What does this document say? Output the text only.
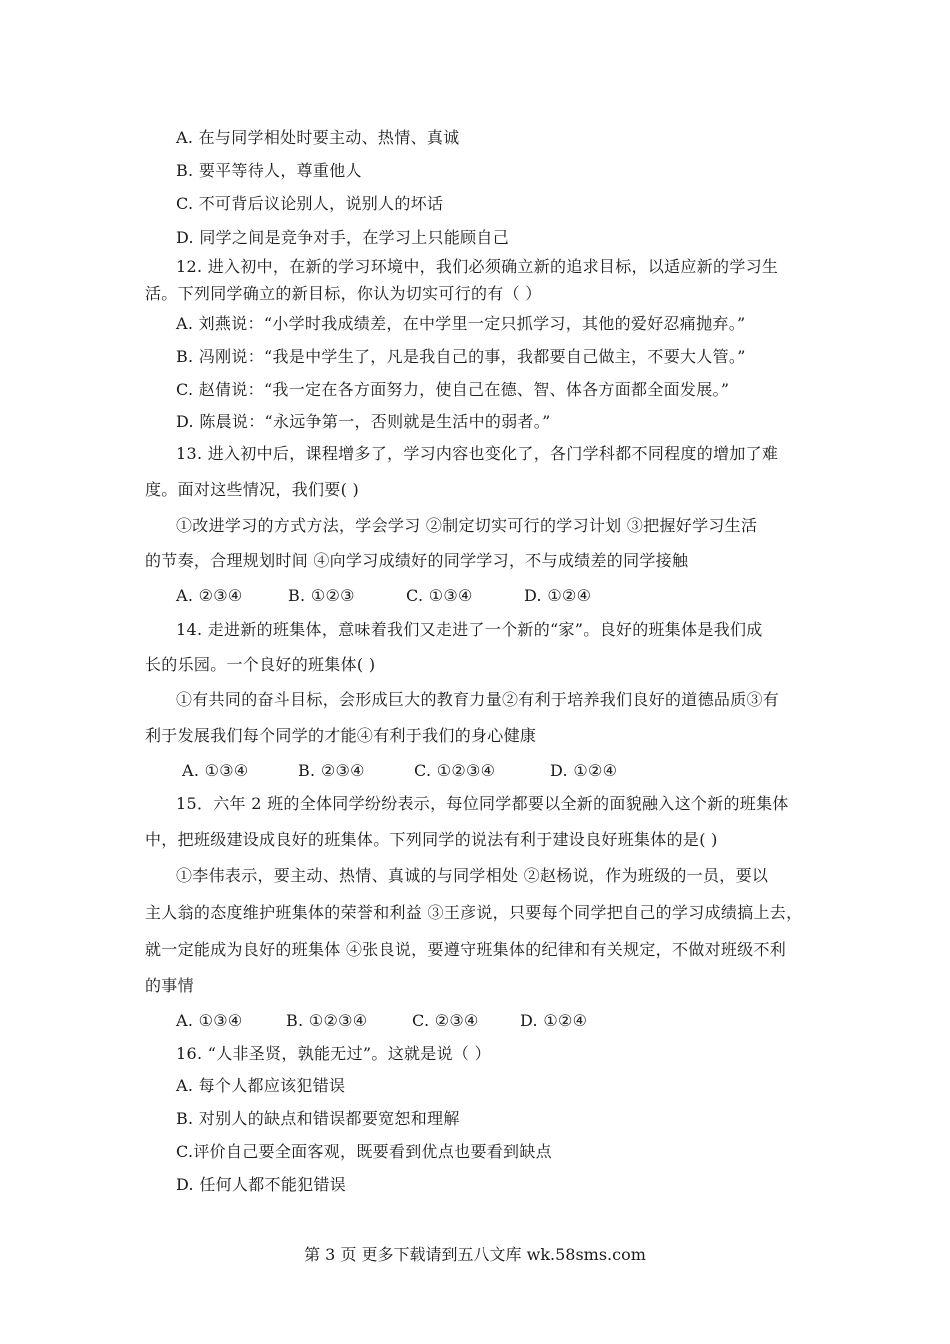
A. 在与同学相处时要主动、热情、真诚
B. 要平等待人，尊重他人
C. 不可背后议论别人，说别人的坏话
D. 同学之间是竞争对手，在学习上只能顾自己
12. 进入初中，在新的学习环境中，我们必须确立新的追求目标，以适应新的学习生
活。下列同学确立的新目标，你认为切实可行的有（ ）
A. 刘燕说：“小学时我成绩差，在中学里一定只抓学习，其他的爱好忍痛抛弃。”
B. 冯刚说：“我是中学生了，凡是我自己的事，我都要自己做主，不要大人管。”
C. 赵倩说：“我一定在各方面努力，使自己在德、智、体各方面都全面发展。”
D. 陈晨说：“永远争第一，否则就是生活中的弱者。”
13. 进入初中后，课程增多了，学习内容也变化了，各门学科都不同程度的增加了难
度。面对这些情况，我们要( )
①改进学习的方式方法，学会学习 ②制定切实可行的学习计划 ③把握好学习生活
的节奏，合理规划时间 ④向学习成绩好的同学学习，不与成绩差的同学接触
A. ②③④	B. ①②③	C. ①③④	D. ①②④
14. 走进新的班集体，意味着我们又走进了一个新的“家”。良好的班集体是我们成
长的乐园。一个良好的班集体( )
①有共同的奋斗目标，会形成巨大的教育力量②有利于培养我们良好的道德品质③有
利于发展我们每个同学的才能④有利于我们的身心健康
A. ①③④	B. ②③④	C. ①②③④	D. ①②④
15．六年 2 班的全体同学纷纷表示，每位同学都要以全新的面貌融入这个新的班集体
中，把班级建设成良好的班集体。下列同学的说法有利于建设良好班集体的是( )
①李伟表示，要主动、热情、真诚的与同学相处 ②赵杨说，作为班级的一员，要以
主人翁的态度维护班集体的荣誉和利益 ③王彦说，只要每个同学把自己的学习成绩搞上去，
就一定能成为良好的班集体 ④张良说，要遵守班集体的纪律和有关规定，不做对班级不利
的事情
A. ①③④	B. ①②③④	C. ②③④	D. ①②④
16. “人非圣贤，孰能无过”。这就是说（ ）
A. 每个人都应该犯错误
B. 对别人的缺点和错误都要宽恕和理解
C.评价自己要全面客观，既要看到优点也要看到缺点
D. 任何人都不能犯错误
第 3 页 更多下载请到五八文库 wk.58sms.com
